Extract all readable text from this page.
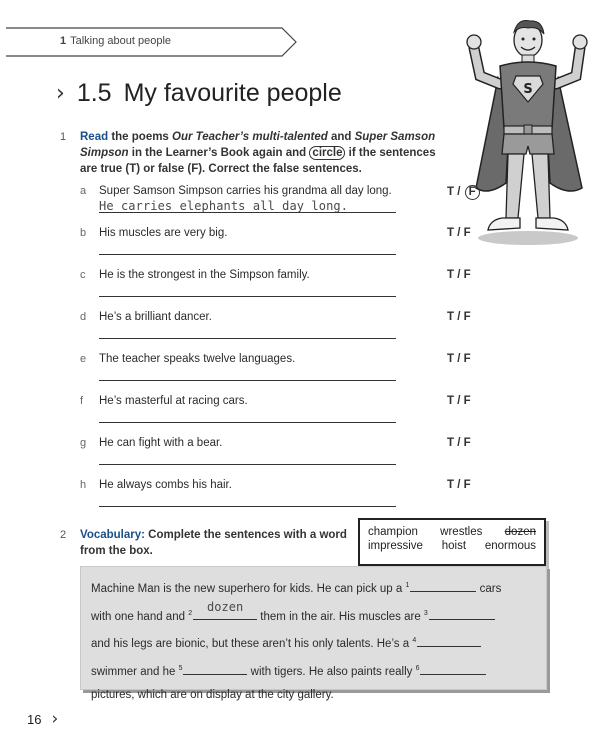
1 Talking about people
› 1.5 My favourite people	S
1 Read the poems Our Teacher’s multi-talented and Super Samson Simpson in the Learner’s Book again and circle if the sentences are true (T) or false (F). Correct the false sentences.
a Super Samson Simpson carries his grandma all day long.	T / F
He carries elephants all day long.
b His muscles are very big.	T / F
c He is the strongest in the Simpson family.	T / F
d He’s a brilliant dancer.	T / F
e The teacher speaks twelve languages.	T / F
f He’s masterful at racing cars.	T / F
g He can fight with a bear.	T / F
h He always combs his hair.	T / F
2 Vocabulary: Complete the sentences with a word from the box.
champion wrestles dozen
impressive hoist enormous
Machine Man is the new superhero for kids. He can pick up a $^1$	cars
with one hand and $^2$	dozen
them in the air. His muscles are $^3$
and his legs are bionic, but these aren’t his only talents. He’s a $^4$
swimmer and he $^5$	with tigers. He also paints really $^6$
pictures, which are on display at the city gallery.
16 ›
